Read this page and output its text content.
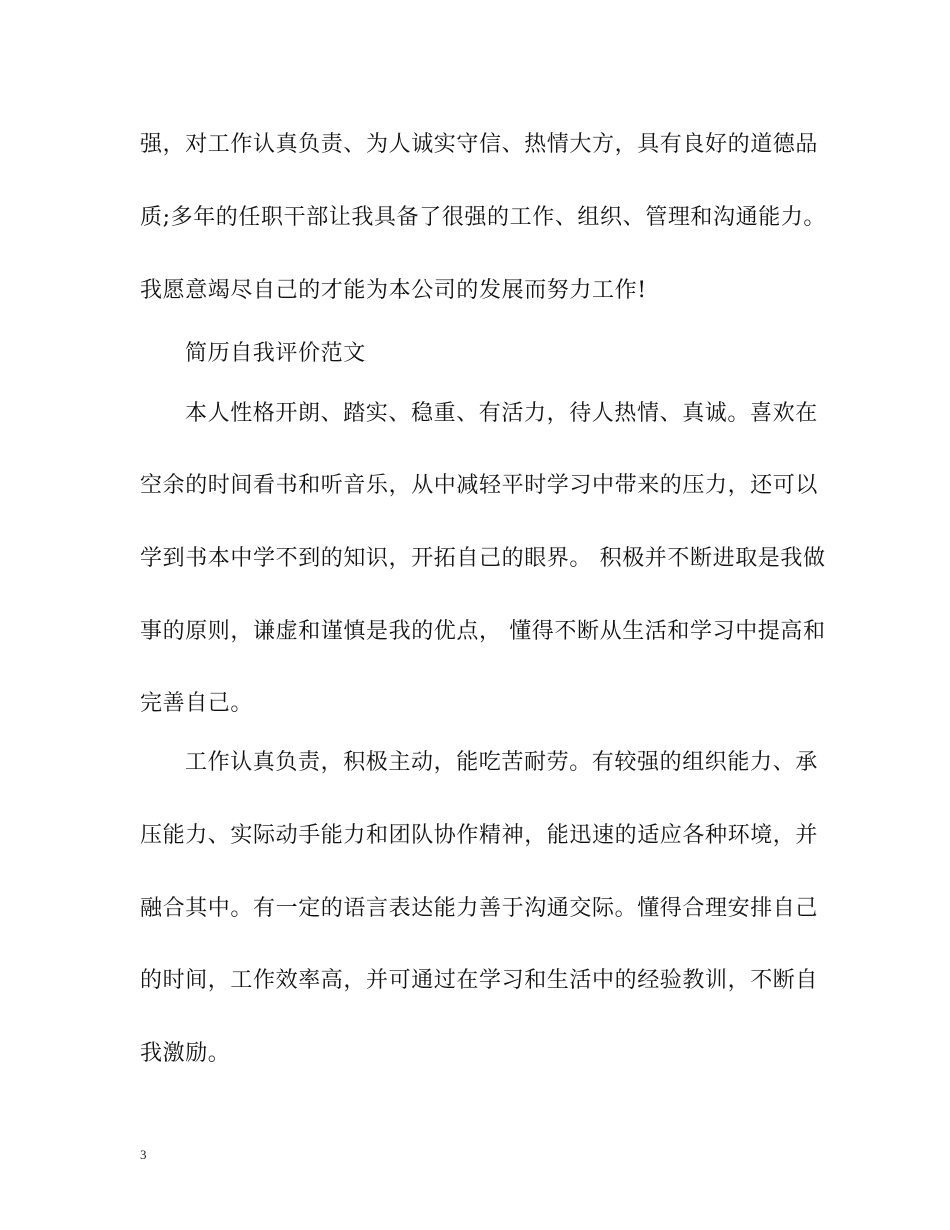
强，对工作认真负责、为人诚实守信、热情大方，具有良好的道德品
质;多年的任职干部让我具备了很强的工作、组织、管理和沟通能力。
我愿意竭尽自己的才能为本公司的发展而努力工作!
简历自我评价范文
本人性格开朗、踏实、稳重、有活力，待人热情、真诚。喜欢在
空余的时间看书和听音乐，从中减轻平时学习中带来的压力，还可以
学到书本中学不到的知识，开拓自己的眼界。 积极并不断进取是我做
事的原则，谦虚和谨慎是我的优点， 懂得不断从生活和学习中提高和
完善自己。
工作认真负责，积极主动，能吃苦耐劳。有较强的组织能力、承
压能力、实际动手能力和团队协作精神，能迅速的适应各种环境，并
融合其中。有一定的语言表达能力善于沟通交际。懂得合理安排自己
的时间，工作效率高，并可通过在学习和生活中的经验教训，不断自
我激励。
3
